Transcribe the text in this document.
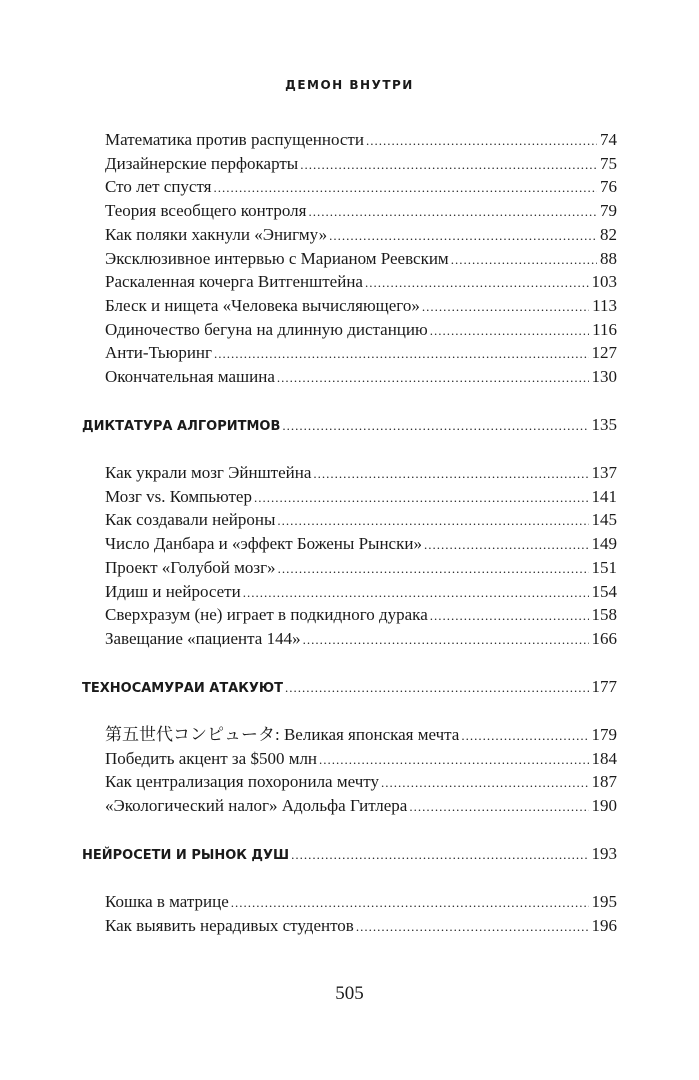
ДЕМОН ВНУТРИ
Математика против распущенности .....	74
Дизайнерские перфокарты .....	75
Сто лет спустя .....	76
Теория всеобщего контроля .....	79
Как поляки хакнули «Энигму» .....	82
Эксклюзивное интервью с Марианом Реевским .....	88
Раскаленная кочерга Витгенштейна .....	103
Блеск и нищета «Человека вычисляющего» .....	113
Одиночество бегуна на длинную дистанцию .....	116
Анти-Тьюринг .....	127
Окончательная машина .....	130
ДИКТАТУРА АЛГОРИТМОВ .....	135
Как украли мозг Эйнштейна .....	137
Мозг vs. Компьютер .....	141
Как создавали нейроны .....	145
Число Данбара и «эффект Божены Рынски» .....	149
Проект «Голубой мозг» .....	151
Идиш и нейросети .....	154
Сверхразум (не) играет в подкидного дурака .....	158
Завещание «пациента 144» .....	166
ТЕХНОСАМУРАИ АТАКУЮТ .....	177
第五世代コンピュータ: Великая японская мечта .....	179
Победить акцент за $500 млн .....	184
Как централизация похоронила мечту .....	187
«Экологический налог» Адольфа Гитлера .....	190
НЕЙРОСЕТИ И РЫНОК ДУШ .....	193
Кошка в матрице .....	195
Как выявить нерадивых студентов .....	196
505
